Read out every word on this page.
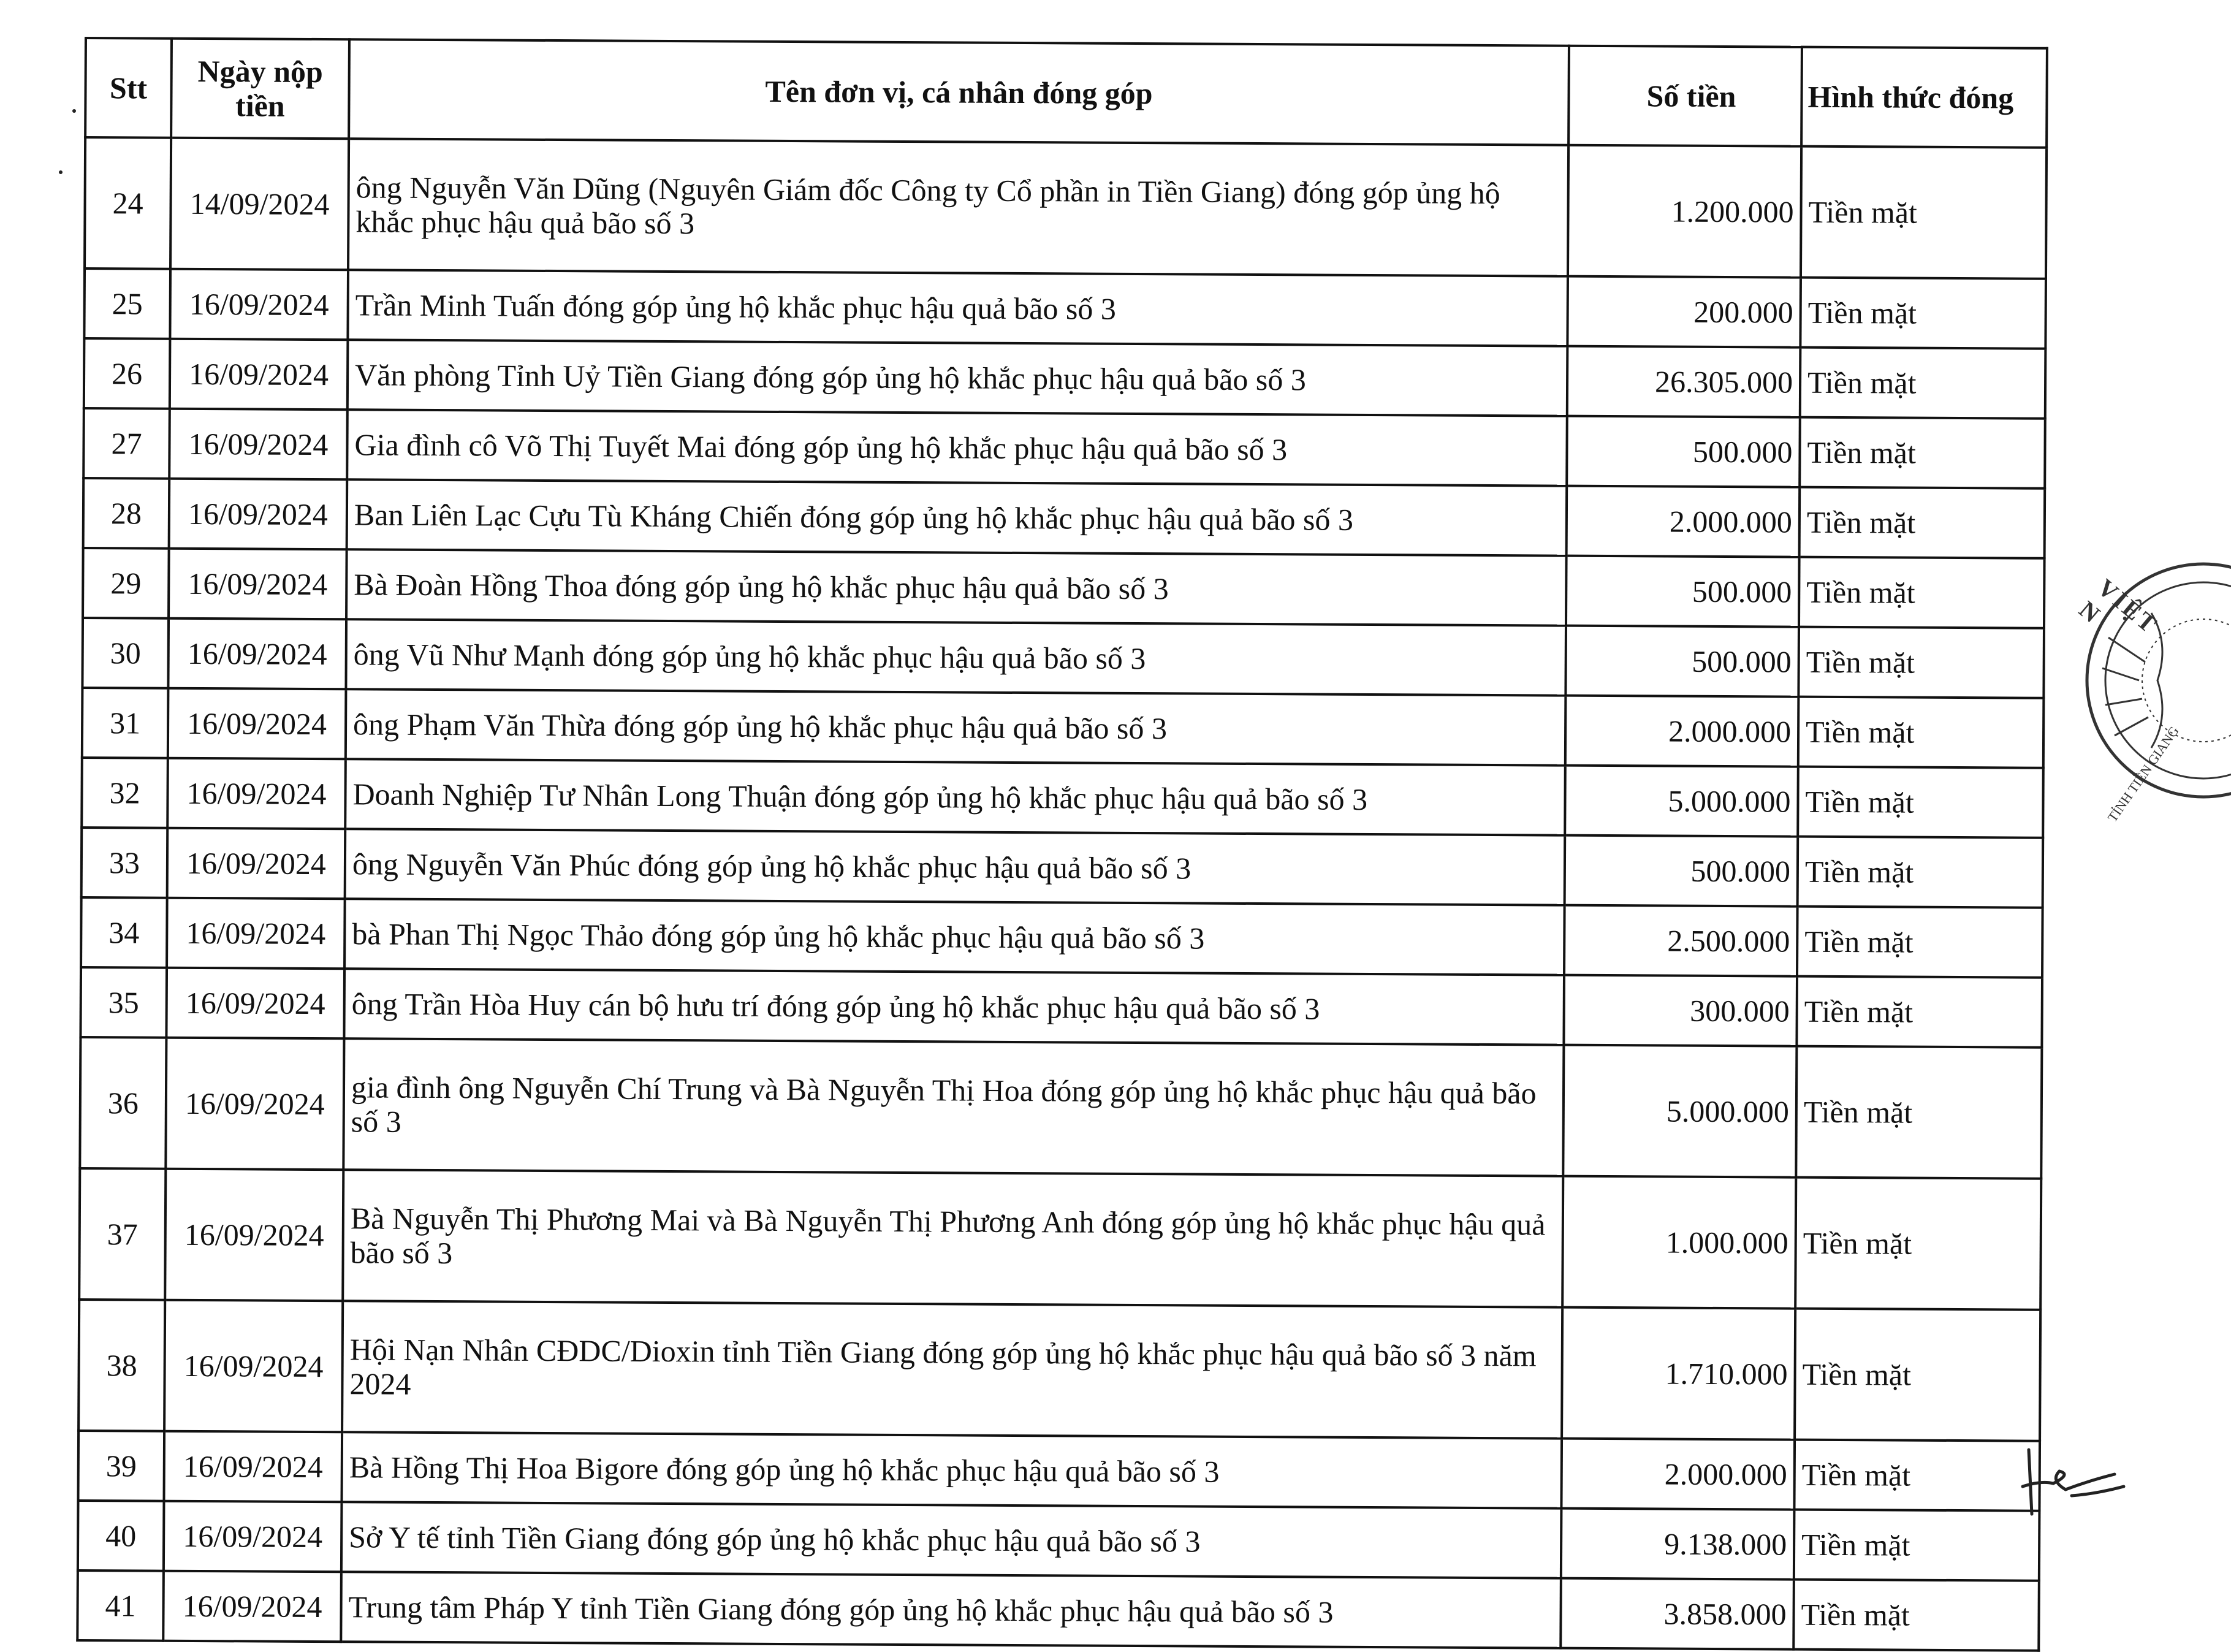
Stt	Ngày nộp tiền	Tên đơn vị, cá nhân đóng góp	Số tiền	Hình thức đóng
24	14/09/2024	ông Nguyễn Văn Dũng (Nguyên Giám đốc Công ty Cổ phần in Tiền Giang) đóng góp ủng hộ khắc phục hậu quả bão số 3	1.200.000	Tiền mặt
25	16/09/2024	Trần Minh Tuấn đóng góp ủng hộ khắc phục hậu quả bão số 3	200.000	Tiền mặt
26	16/09/2024	Văn phòng Tỉnh Uỷ Tiền Giang đóng góp ủng hộ khắc phục hậu quả bão số 3	26.305.000	Tiền mặt
27	16/09/2024	Gia đình cô Võ Thị Tuyết Mai đóng góp ủng hộ khắc phục hậu quả bão số 3	500.000	Tiền mặt
28	16/09/2024	Ban Liên Lạc Cựu Tù Kháng Chiến đóng góp ủng hộ khắc phục hậu quả bão số 3	2.000.000	Tiền mặt
29	16/09/2024	Bà Đoàn Hồng Thoa đóng góp ủng hộ khắc phục hậu quả bão số 3	500.000	Tiền mặt
30	16/09/2024	ông Vũ Như Mạnh đóng góp ủng hộ khắc phục hậu quả bão số 3	500.000	Tiền mặt
31	16/09/2024	ông Phạm Văn Thừa đóng góp ủng hộ khắc phục hậu quả bão số 3	2.000.000	Tiền mặt
32	16/09/2024	Doanh Nghiệp Tư Nhân Long Thuận đóng góp ủng hộ khắc phục hậu quả bão số 3	5.000.000	Tiền mặt
33	16/09/2024	ông Nguyễn Văn Phúc đóng góp ủng hộ khắc phục hậu quả bão số 3	500.000	Tiền mặt
34	16/09/2024	bà Phan Thị Ngọc Thảo đóng góp ủng hộ khắc phục hậu quả bão số 3	2.500.000	Tiền mặt
35	16/09/2024	ông Trần Hòa Huy cán bộ hưu trí đóng góp ủng hộ khắc phục hậu quả bão số 3	300.000	Tiền mặt
36	16/09/2024	gia đình ông Nguyễn Chí Trung và Bà Nguyễn Thị Hoa đóng góp ủng hộ khắc phục hậu quả bão số 3	5.000.000	Tiền mặt
37	16/09/2024	Bà Nguyễn Thị Phương Mai và Bà Nguyễn Thị Phương Anh đóng góp ủng hộ khắc phục hậu quả bão số 3	1.000.000	Tiền mặt
38	16/09/2024	Hội Nạn Nhân CĐDC/Dioxin tỉnh Tiền Giang đóng góp ủng hộ khắc phục hậu quả bão số 3 năm 2024	1.710.000	Tiền mặt
39	16/09/2024	Bà Hồng Thị Hoa Bigore đóng góp ủng hộ khắc phục hậu quả bão số 3	2.000.000	Tiền mặt
40	16/09/2024	Sở Y tế tỉnh Tiền Giang đóng góp ủng hộ khắc phục hậu quả bão số 3	9.138.000	Tiền mặt
41	16/09/2024	Trung tâm Pháp Y tỉnh Tiền Giang đóng góp ủng hộ khắc phục hậu quả bão số 3	3.858.000	Tiền mặt
VIỆT N
TỈNH TIỀN GIANG
